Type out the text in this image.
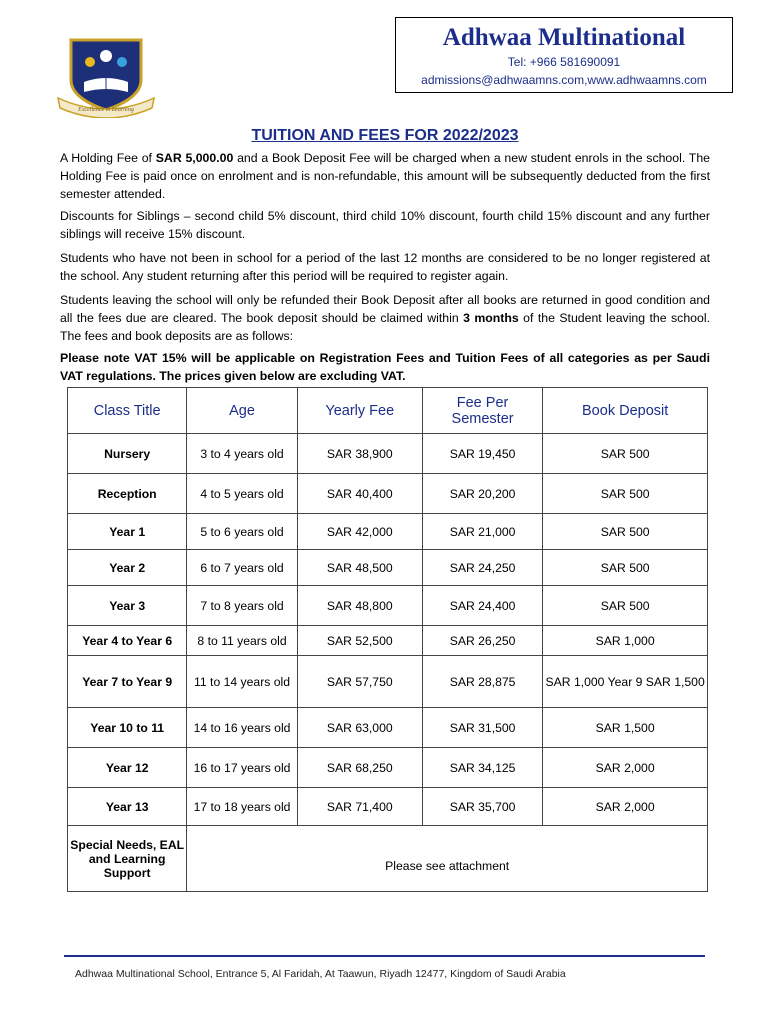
Excellence in Learning
Adhwaa Multinational
Tel: +966 581690091
admissions@adhwaamns.com,www.adhwaamns.com
TUITION AND FEES FOR 2022/2023

A Holding Fee of SAR 5,000.00 and a Book Deposit Fee will be charged when a new student enrols in the school. The Holding Fee is paid once on enrolment and is non-refundable, this amount will be subsequently deducted from the first semester attended.

Discounts for Siblings – second child 5% discount, third child 10% discount, fourth child 15% discount and any further siblings will receive 15% discount.

Students who have not been in school for a period of the last 12 months are considered to be no longer registered at the school. Any student returning after this period will be required to register again.

Students leaving the school will only be refunded their Book Deposit after all books are returned in good condition and all the fees due are cleared. The book deposit should be claimed within 3 months of the Student leaving the school. The fees and book deposits are as follows:

Please note VAT 15% will be applicable on Registration Fees and Tuition Fees of all categories as per Saudi VAT regulations. The prices given below are excluding VAT.

Class Title	Age	Yearly Fee	Fee Per Semester	Book Deposit
Nursery	3 to 4 years old	SAR 38,900	SAR 19,450	SAR 500
Reception	4 to 5 years old	SAR 40,400	SAR 20,200	SAR 500
Year 1	5 to 6 years old	SAR 42,000	SAR 21,000	SAR 500
Year 2	6 to 7 years old	SAR 48,500	SAR 24,250	SAR 500
Year 3	7 to 8 years old	SAR 48,800	SAR 24,400	SAR 500
Year 4 to Year 6	8 to 11 years old	SAR 52,500	SAR 26,250	SAR 1,000
Year 7 to Year 9	11 to 14 years old	SAR 57,750	SAR 28,875	SAR 1,000 Year 9 SAR 1,500
Year 10 to 11	14 to 16 years old	SAR 63,000	SAR 31,500	SAR 1,500
Year 12	16 to 17 years old	SAR 68,250	SAR 34,125	SAR 2,000
Year 13	17 to 18 years old	SAR 71,400	SAR 35,700	SAR 2,000
Special Needs, EAL and Learning Support	Please see attachment			
Adhwaa Multinational School, Entrance 5, Al Faridah, At Taawun, Riyadh 12477, Kingdom of Saudi Arabia
